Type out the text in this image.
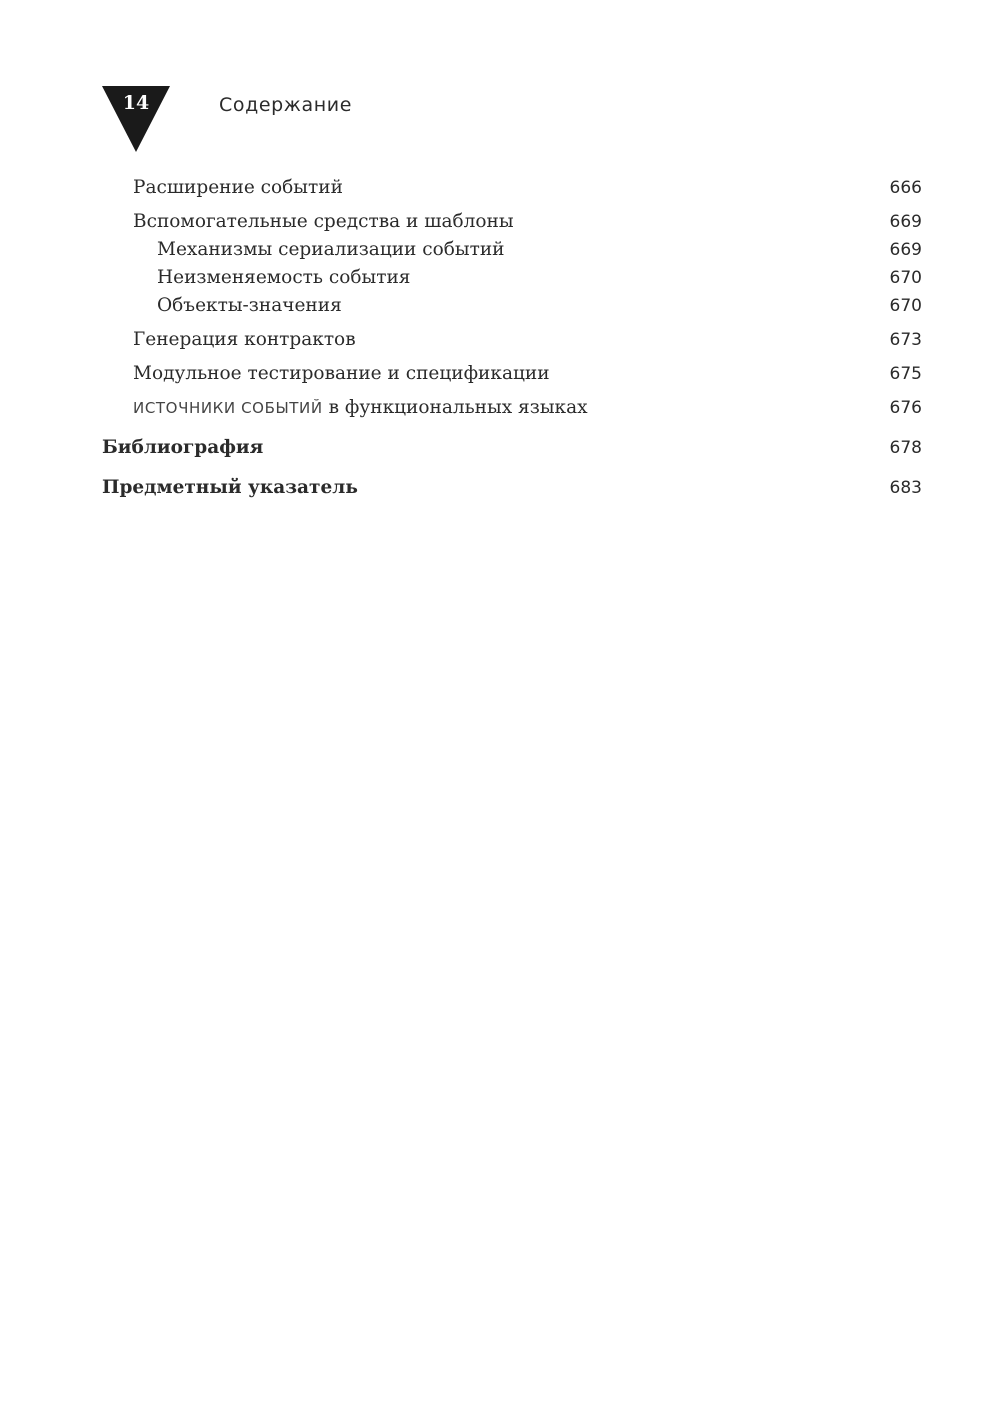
14	Содержание
Расширение событий	666
Вспомогательные средства и шаблоны	669
Механизмы сериализации событий	669
Неизменяемость события	670
Объекты-значения	670
Генерация контрактов	673
Модульное тестирование и спецификации	675
ИСТОЧНИКИ СОБЫТИЙ в функциональных языках	676
Библиография	678
Предметный указатель	683
